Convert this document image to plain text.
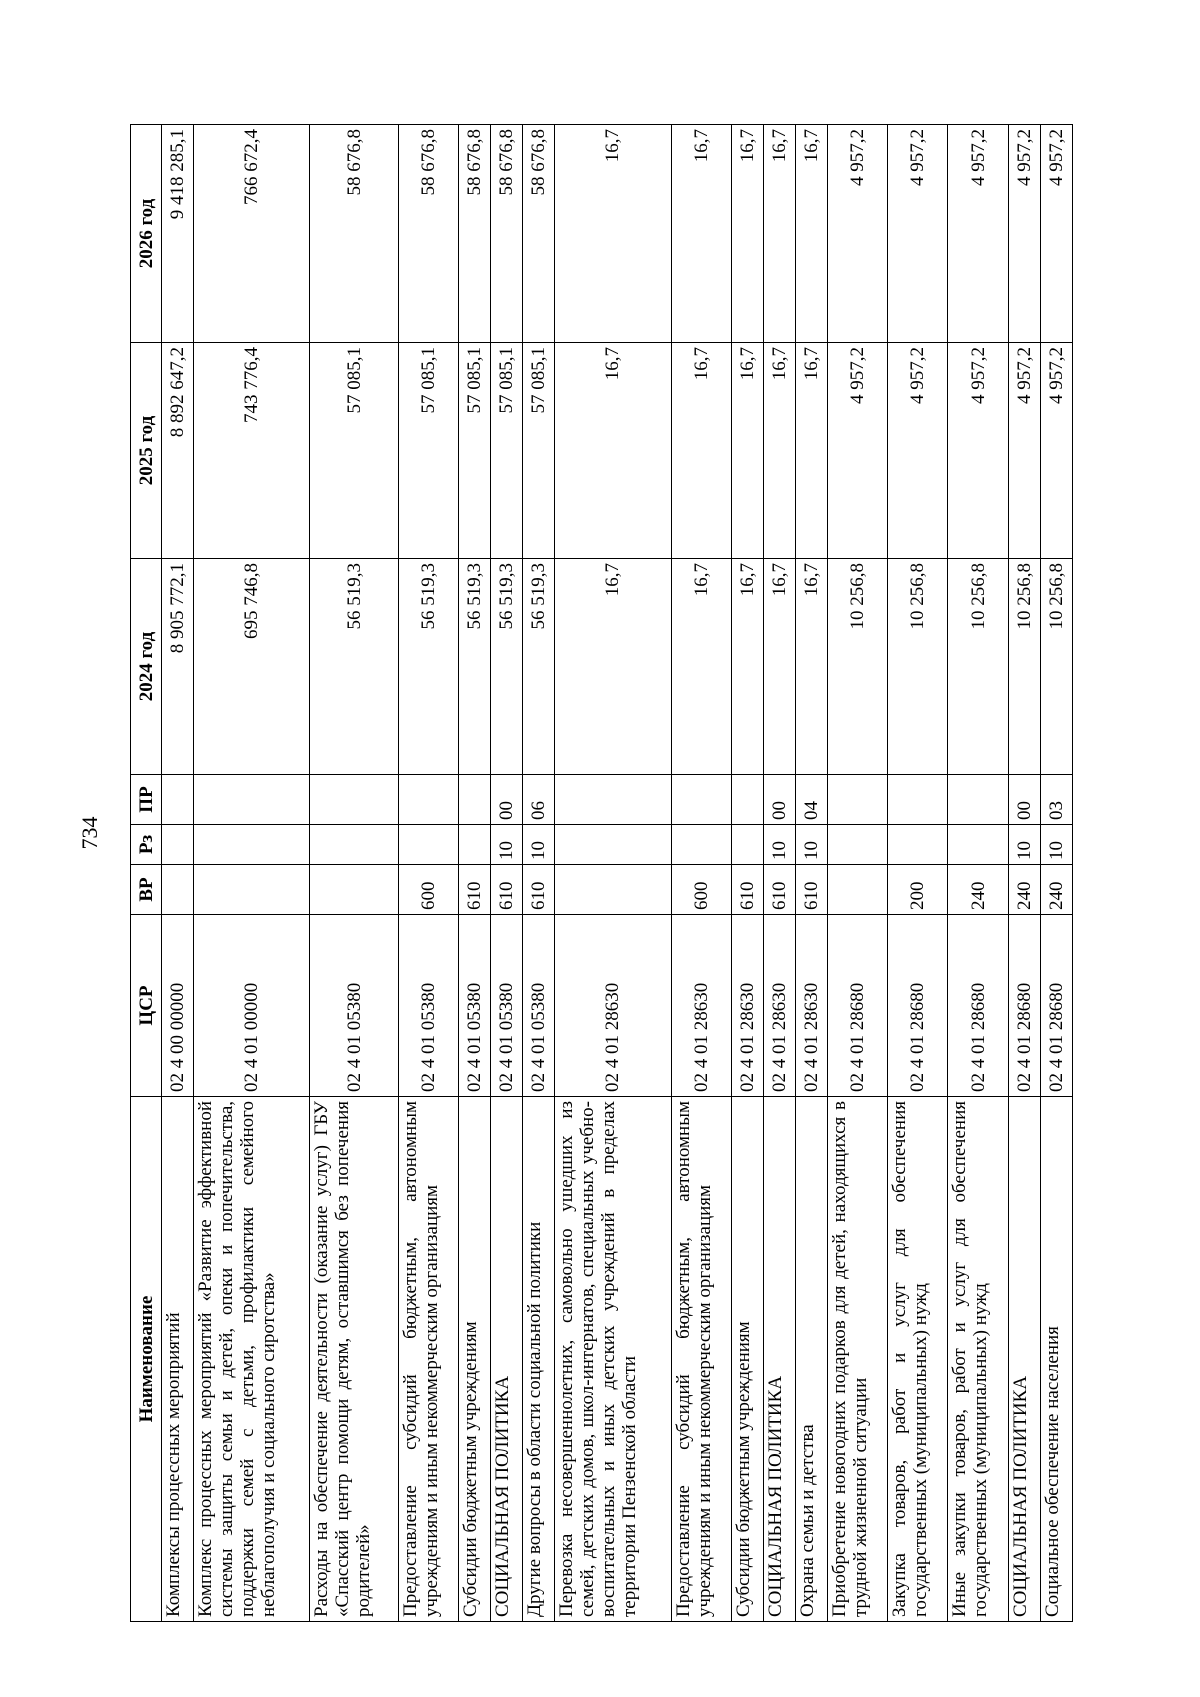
734
Наименование	ЦСР	ВР	Рз	ПР	2024 год	2025 год	2026 год
Комплексы процессных мероприятий	02 4 00 00000				8 905 772,1	8 892 647,2	9 418 285,1
Комплекс процессных мероприятий «Развитие эффективной системы защиты семьи и детей, опеки и попечительства, поддержки семей с детьми, профилактики семейного неблагополучия и социального сиротства»	02 4 01 00000				695 746,8	743 776,4	766 672,4
Расходы на обеспечение деятельности (оказание услуг) ГБУ «Спасский центр помощи детям, оставшимся без попечения родителей»	02 4 01 05380				56 519,3	57 085,1	58 676,8
Предоставление субсидий бюджетным, автономным учреждениям и иным некоммерческим организациям	02 4 01 05380	600			56 519,3	57 085,1	58 676,8
Субсидии бюджетным учреждениям	02 4 01 05380	610			56 519,3	57 085,1	58 676,8
СОЦИАЛЬНАЯ ПОЛИТИКА	02 4 01 05380	610	10	00	56 519,3	57 085,1	58 676,8
Другие вопросы в области социальной политики	02 4 01 05380	610	10	06	56 519,3	57 085,1	58 676,8
Перевозка несовершеннолетних, самовольно ушедших из семей, детских домов, школ-интернатов, специальных учебно-воспитательных и иных детских учреждений в пределах территории Пензенской области	02 4 01 28630				16,7	16,7	16,7
Предоставление субсидий бюджетным, автономным учреждениям и иным некоммерческим организациям	02 4 01 28630	600			16,7	16,7	16,7
Субсидии бюджетным учреждениям	02 4 01 28630	610			16,7	16,7	16,7
СОЦИАЛЬНАЯ ПОЛИТИКА	02 4 01 28630	610	10	00	16,7	16,7	16,7
Охрана семьи и детства	02 4 01 28630	610	10	04	16,7	16,7	16,7
Приобретение новогодних подарков для детей, находящихся в трудной жизненной ситуации	02 4 01 28680				10 256,8	4 957,2	4 957,2
Закупка товаров, работ и услуг для обеспечения государственных (муниципальных) нужд	02 4 01 28680	200			10 256,8	4 957,2	4 957,2
Иные закупки товаров, работ и услуг для обеспечения государственных (муниципальных) нужд	02 4 01 28680	240			10 256,8	4 957,2	4 957,2
СОЦИАЛЬНАЯ ПОЛИТИКА	02 4 01 28680	240	10	00	10 256,8	4 957,2	4 957,2
Социальное обеспечение населения	02 4 01 28680	240	10	03	10 256,8	4 957,2	4 957,2
